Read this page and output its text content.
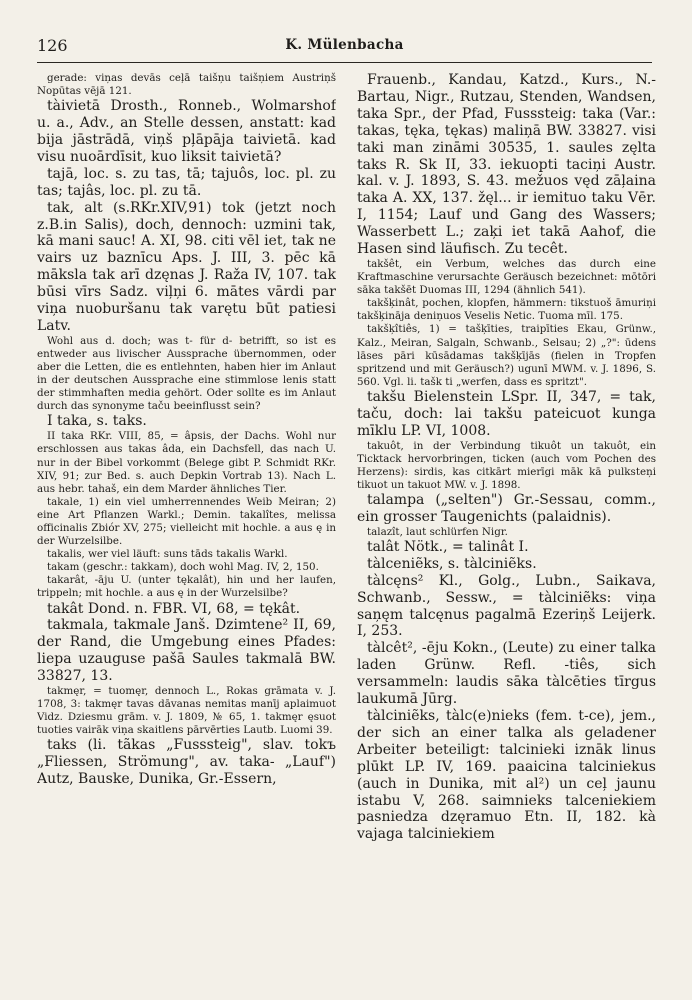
126	K. Mülenbacha

gerade: viņas devās ceļā taišņu taišņiem Austriņš Nopūtas vējā 121.

tàivietā Drosth., Ronneb., Wolmarshof u. a., Adv., an Stelle dessen, anstatt: kad bija jāstrādā, viņš pļāpāja taivietā. kad visu nuoārdīsit, kuo liksit taivietā?

tajā, loc. s. zu tas, tā; tajuôs, loc. pl. zu tas; tajâs, loc. pl. zu tā.

tak, alt (s.RKr.XIV,91) tok (jetzt noch z.B.in Salis), doch, dennoch: uzmini tak, kā mani sauc! A. XI, 98. citi vēl iet, tak ne vairs uz baznīcu Aps. J. III, 3. pēc kā māksla tak arī dzęnas J. Raža IV, 107. tak būsi vīrs Sadz. viļņi 6. mātes vārdi par viņa nuoburšanu tak varętu būt patiesi Latv.

Wohl aus d. doch; was t- für d- betrifft, so ist es entweder aus livischer Aussprache übernommen, oder aber die Letten, die es entlehnten, haben hier im Anlaut in der deutschen Aussprache eine stimmlose lenis statt der stimmhaften media gehört. Oder sollte es im Anlaut durch das synonyme taču beeinflusst sein?

I taka, s. taks.

II taka RKr. VIII, 85, = âpsis, der Dachs. Wohl nur erschlossen aus takas âda, ein Dachsfell, das nach U. nur in der Bibel vorkommt (Belege gibt P. Schmidt RKr. XIV, 91; zur Bed. s. auch Depkin Vortrab 13). Nach L. aus hebr. tahaš, ein dem Marder ähnliches Tier.

takale, 1) ein viel umherrennendes Weib Meiran; 2) eine Art Pflanzen Warkl.; Demin. takalîtes, melissa officinalis Zbiór XV, 275; vielleicht mit hochle. a aus ę in der Wurzelsilbe.

takalis, wer viel läuft: suns tāds takalis Warkl.

takam (geschr.: takkam), doch wohl Mag. IV, 2, 150.

takarât, -āju U. (unter tękalât), hin und her laufen, trippeln; mit hochle. a aus ę in der Wurzelsilbe?

takât Dond. n. FBR. VI, 68, = tękât.

takmala, takmale Janš. Dzimtene² II, 69, der Rand, die Umgebung eines Pfades: liepa uzauguse pašā Saules takmalā BW. 33827, 13.

takmęr, = tuomęr, dennoch L., Rokas grāmata v. J. 1708, 3: takmęr tavas dāvanas nemitas manīj aplaimuot Vidz. Dziesmu grām. v. J. 1809, № 65, 1. takmęr ęsuot tuoties vairāk viņa skaitlens pārvērties Lautb. Luomi 39.

taks (li. tãkas „Fusssteig", slav. tokъ „Fliessen, Strömung", av. taka- „Lauf") Autz, Bauske, Dunika, Gr.-Essern,

Frauenb., Kandau, Katzd., Kurs., N.-Bartau, Nigr., Rutzau, Stenden, Wandsen, taka Spr., der Pfad, Fusssteig: taka (Var.: takas, tęka, tękas) maliņā BW. 33827. visi taki man zināmi 30535, 1. saules zęlta taks R. Sk II, 33. iekuopti taciņi Austr. kal. v. J. 1893, S. 43. mežuos vęd zāļaina taka A. XX, 137. žęl... ir iemituo taku Vēr. I, 1154; Lauf und Gang des Wassers; Wasserbett L.; zaķi iet takā Aahof, die Hasen sind läufisch. Zu tecêt.

takšêt, ein Verbum, welches das durch eine Kraftmaschine verursachte Geräusch bezeichnet: mōtōri sāka takšēt Duomas III, 1294 (ähnlich 541).

takšķinât, pochen, klopfen, hämmern: tikstuoš āmuriņi takšķināja deniņuos Veselis Netic. Tuoma mīl. 175.

takšķîtiês, 1) = tašķīties, traipīties Ekau, Grünw., Kalz., Meiran, Salgaln, Schwanb., Selsau; 2) „?": ūdens lāses pāri kūsādamas takšķījās (fielen in Tropfen spritzend und mit Geräusch?) ugunī MWM. v. J. 1896, S. 560. Vgl. li. tašk ti „werfen, dass es spritzt".

takšu Bielenstein LSpr. II, 347, = tak, taču, doch: lai takšu pateicuot kunga mīklu LP. VI, 1008.

takuôt, in der Verbindung tikuôt un takuôt, ein Ticktack hervorbringen, ticken (auch vom Pochen des Herzens): sirdis, kas citkārt mierīgi māk kā pulksteņi tikuot un takuot MW. v. J. 1898.

talampa („selten") Gr.-Sessau, comm., ein grosser Taugenichts (palaidnis).

talazît, laut schlürfen Nigr.

talât Nötk., = talinât I.

tàlceniẽks, s. tàlciniẽks.

tàlcęns² Kl., Golg., Lubn., Saikava, Schwanb., Sessw., = tàlciniẽks: viņa saņęm talcęnus pagalmā Ezeriņš Leijerk. I, 253.

tàlcêt², -ēju Kokn., (Leute) zu einer talka laden Grünw. Refl. -tiês, sich versammeln: laudis sāka tàlcēties tīrgus laukumā Jūrg.

tàlciniẽks, tàlc(e)nieks (fem. t-ce), jem., der sich an einer talka als geladener Arbeiter beteiligt: talcinieki iznāk linus plūkt LP. IV, 169. paaicina talciniekus (auch in Dunika, mit al²) un ceļ jaunu istabu V, 268. saimnieks talceniekiem pasniedza dzęramuo Etn. II, 182. kà vajaga talciniekiem
